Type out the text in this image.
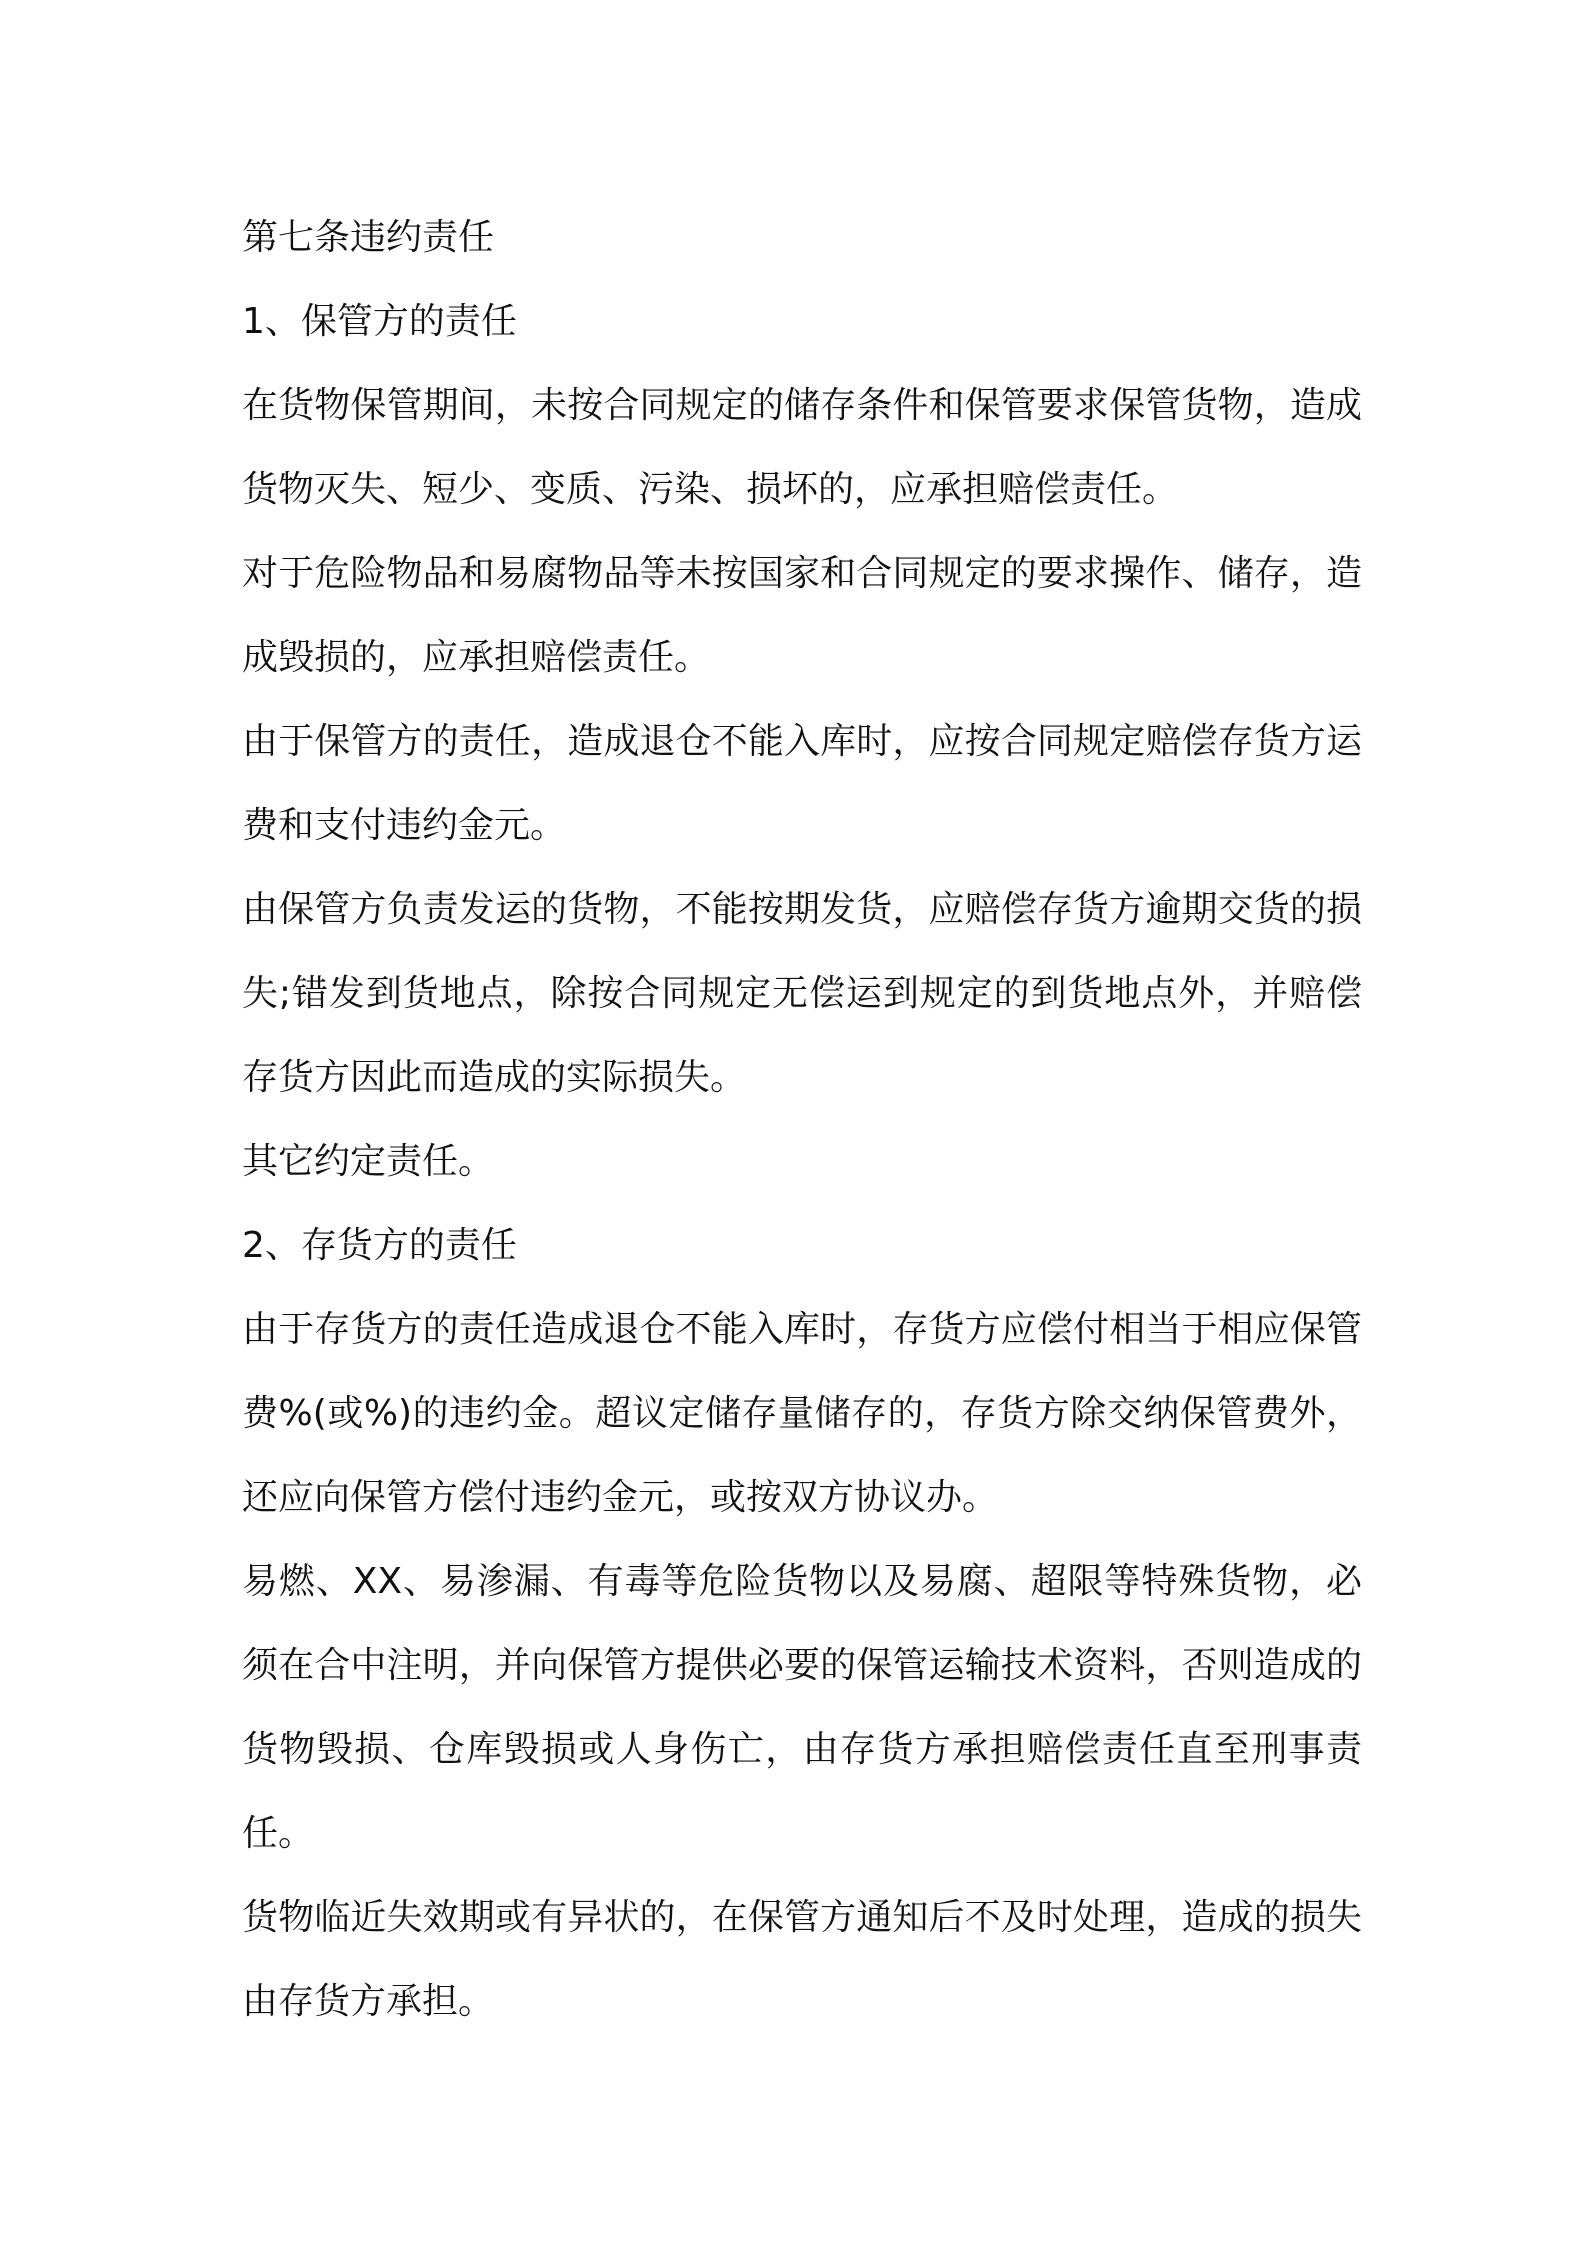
第七条违约责任

1、保管方的责任

在货物保管期间，未按合同规定的储存条件和保管要求保管货物，造成货物灭失、短少、变质、污染、损坏的，应承担赔偿责任。

对于危险物品和易腐物品等未按国家和合同规定的要求操作、储存，造成毁损的，应承担赔偿责任。

由于保管方的责任，造成退仓不能入库时，应按合同规定赔偿存货方运费和支付违约金元。

由保管方负责发运的货物，不能按期发货，应赔偿存货方逾期交货的损失;错发到货地点，除按合同规定无偿运到规定的到货地点外，并赔偿存货方因此而造成的实际损失。

其它约定责任。

2、存货方的责任

由于存货方的责任造成退仓不能入库时，存货方应偿付相当于相应保管费%(或%)的违约金。超议定储存量储存的，存货方除交纳保管费外，还应向保管方偿付违约金元，或按双方协议办。

易燃、XX、易渗漏、有毒等危险货物以及易腐、超限等特殊货物，必须在合中注明，并向保管方提供必要的保管运输技术资料，否则造成的货物毁损、仓库毁损或人身伤亡，由存货方承担赔偿责任直至刑事责任。

货物临近失效期或有异状的，在保管方通知后不及时处理，造成的损失由存货方承担。
